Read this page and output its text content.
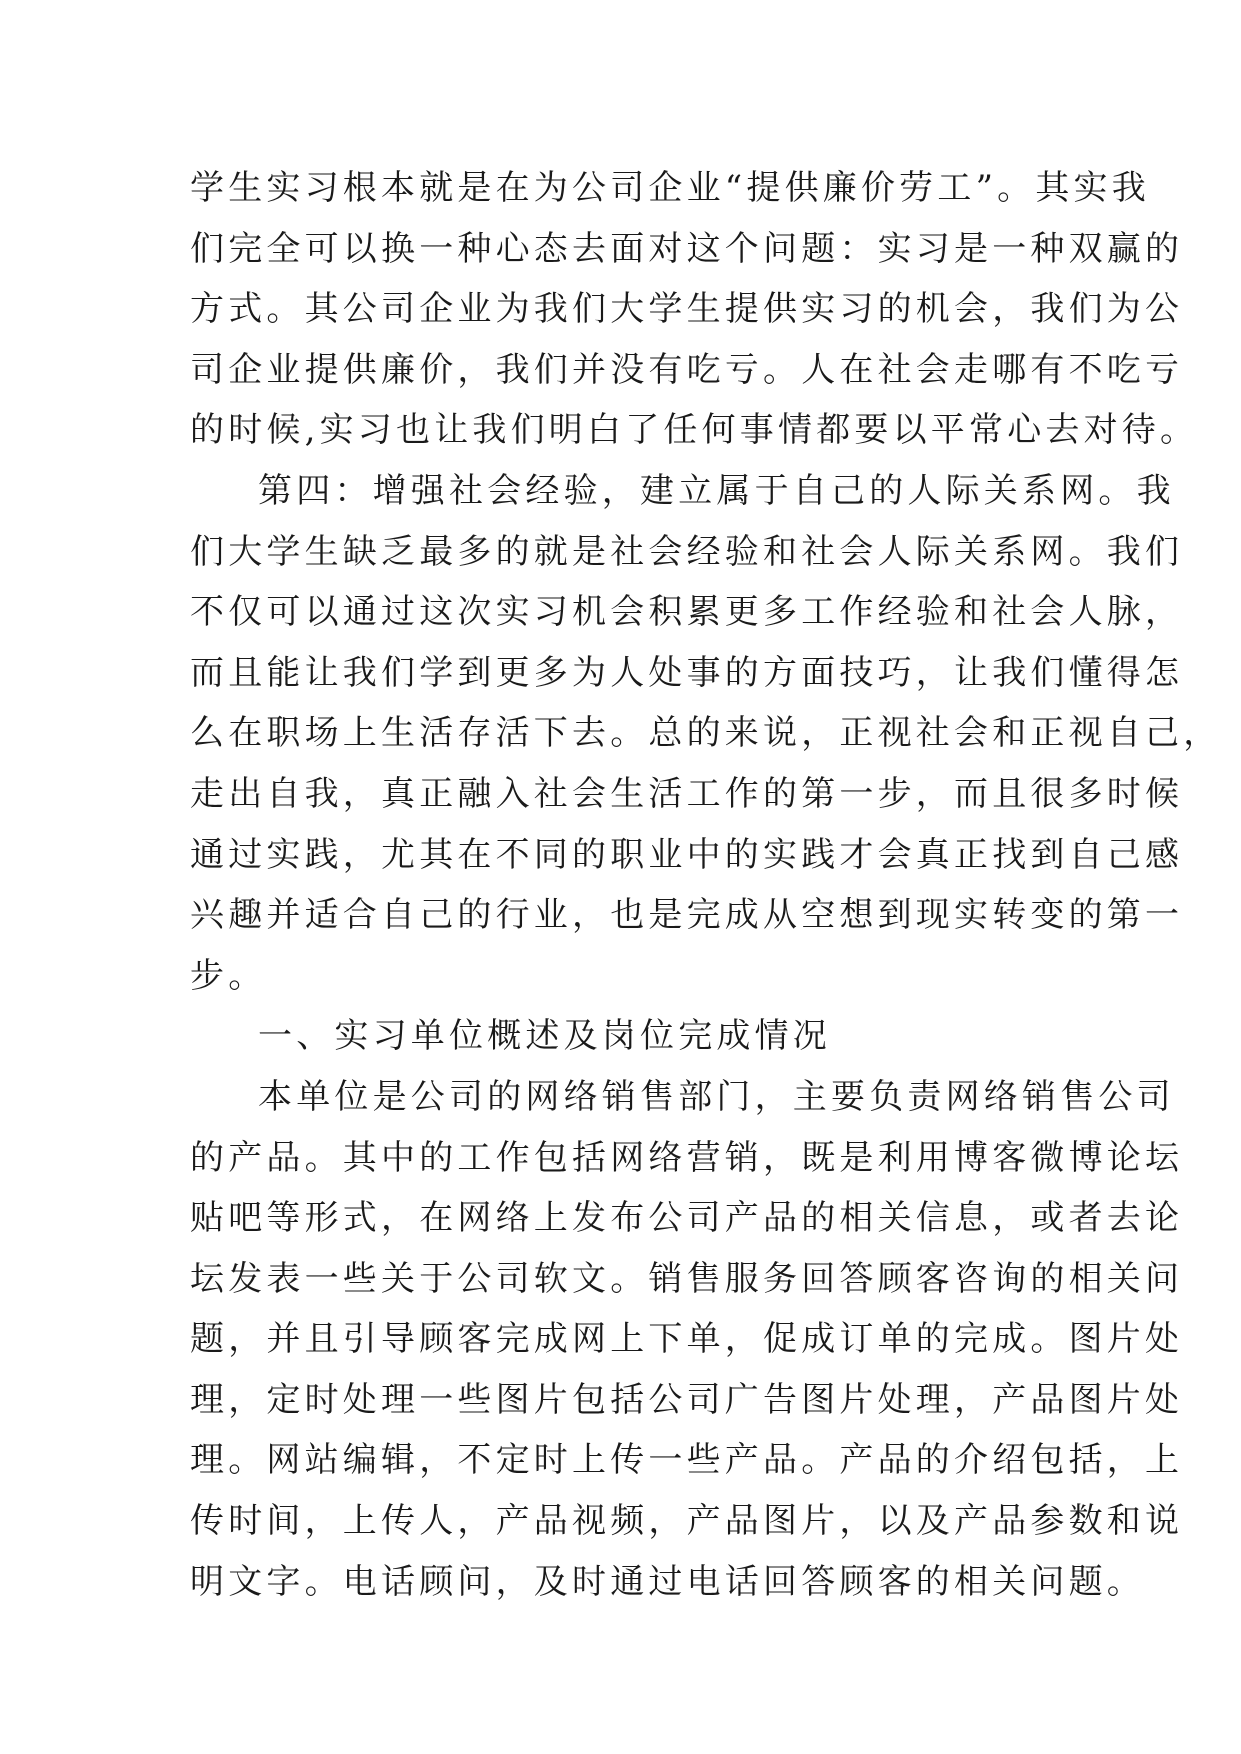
学生实习根本就是在为公司企业“提供廉价劳工”。其实我
们完全可以换一种心态去面对这个问题：实习是一种双赢的
方式。其公司企业为我们大学生提供实习的机会，我们为公
司企业提供廉价，我们并没有吃亏。人在社会走哪有不吃亏
的时候,实习也让我们明白了任何事情都要以平常心去对待。
第四：增强社会经验，建立属于自己的人际关系网。我
们大学生缺乏最多的就是社会经验和社会人际关系网。我们
不仅可以通过这次实习机会积累更多工作经验和社会人脉，
而且能让我们学到更多为人处事的方面技巧，让我们懂得怎
么在职场上生活存活下去。总的来说，正视社会和正视自己，
走出自我，真正融入社会生活工作的第一步，而且很多时候
通过实践，尤其在不同的职业中的实践才会真正找到自己感
兴趣并适合自己的行业，也是完成从空想到现实转变的第一
步。
一、实习单位概述及岗位完成情况
本单位是公司的网络销售部门，主要负责网络销售公司
的产品。其中的工作包括网络营销，既是利用博客微博论坛
贴吧等形式，在网络上发布公司产品的相关信息，或者去论
坛发表一些关于公司软文。销售服务回答顾客咨询的相关问
题，并且引导顾客完成网上下单，促成订单的完成。图片处
理，定时处理一些图片包括公司广告图片处理，产品图片处
理。网站编辑，不定时上传一些产品。产品的介绍包括，上
传时间，上传人，产品视频，产品图片，以及产品参数和说
明文字。电话顾问，及时通过电话回答顾客的相关问题。
